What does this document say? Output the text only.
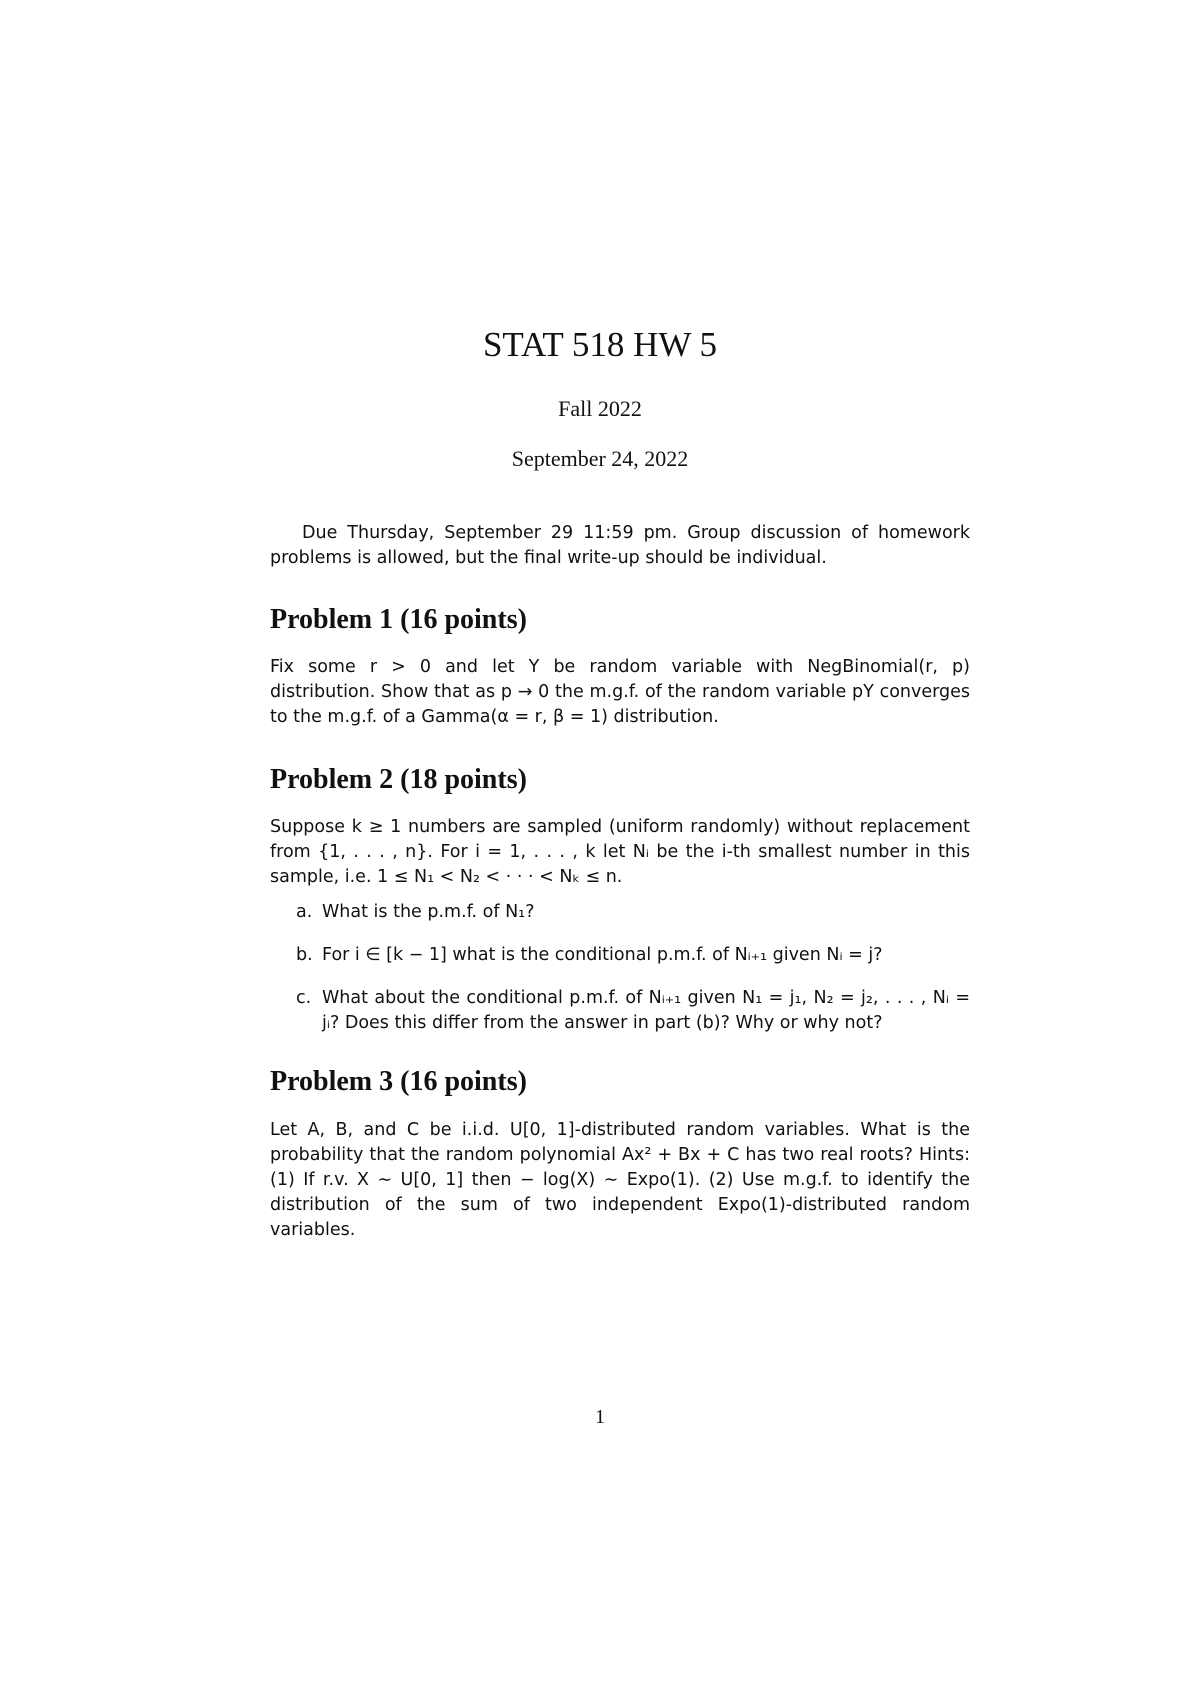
STAT 518 HW 5
Fall 2022
September 24, 2022

Due Thursday, September 29 11:59 pm. Group discussion of homework problems is allowed, but the final write-up should be individual.

Problem 1 (16 points)

Fix some r > 0 and let Y be random variable with NegBinomial(r, p) distribution. Show that as p → 0 the m.g.f. of the random variable pY converges to the m.g.f. of a Gamma(α = r, β = 1) distribution.

Problem 2 (18 points)

Suppose k ≥ 1 numbers are sampled (uniform randomly) without replacement from {1, . . . , n}. For i = 1, . . . , k let Nᵢ be the i-th smallest number in this sample, i.e. 1 ≤ N₁ < N₂ < · · · < Nₖ ≤ n.

a. What is the p.m.f. of N₁?
b. For i ∈ [k − 1] what is the conditional p.m.f. of Nᵢ₊₁ given Nᵢ = j?
c. What about the conditional p.m.f. of Nᵢ₊₁ given N₁ = j₁, N₂ = j₂, . . . , Nᵢ = jᵢ? Does this differ from the answer in part (b)? Why or why not?
Problem 3 (16 points)

Let A, B, and C be i.i.d. U[0, 1]-distributed random variables. What is the probability that the random polynomial Ax² + Bx + C has two real roots? Hints: (1) If r.v. X ∼ U[0, 1] then − log(X) ∼ Expo(1). (2) Use m.g.f. to identify the distribution of the sum of two independent Expo(1)-distributed random variables.

1
